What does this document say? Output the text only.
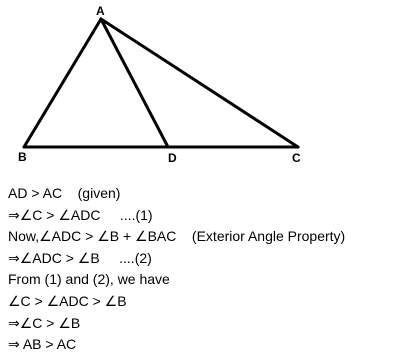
A
B	D	C
AD > AC    (given)
⇒∠C > ∠ADC     ....(1)
Now,∠ADC > ∠B + ∠BAC    (Exterior Angle Property)
⇒∠ADC > ∠B     ....(2)
From (1) and (2), we have
∠C > ∠ADC > ∠B
⇒∠C > ∠B
⇒ AB > AC
